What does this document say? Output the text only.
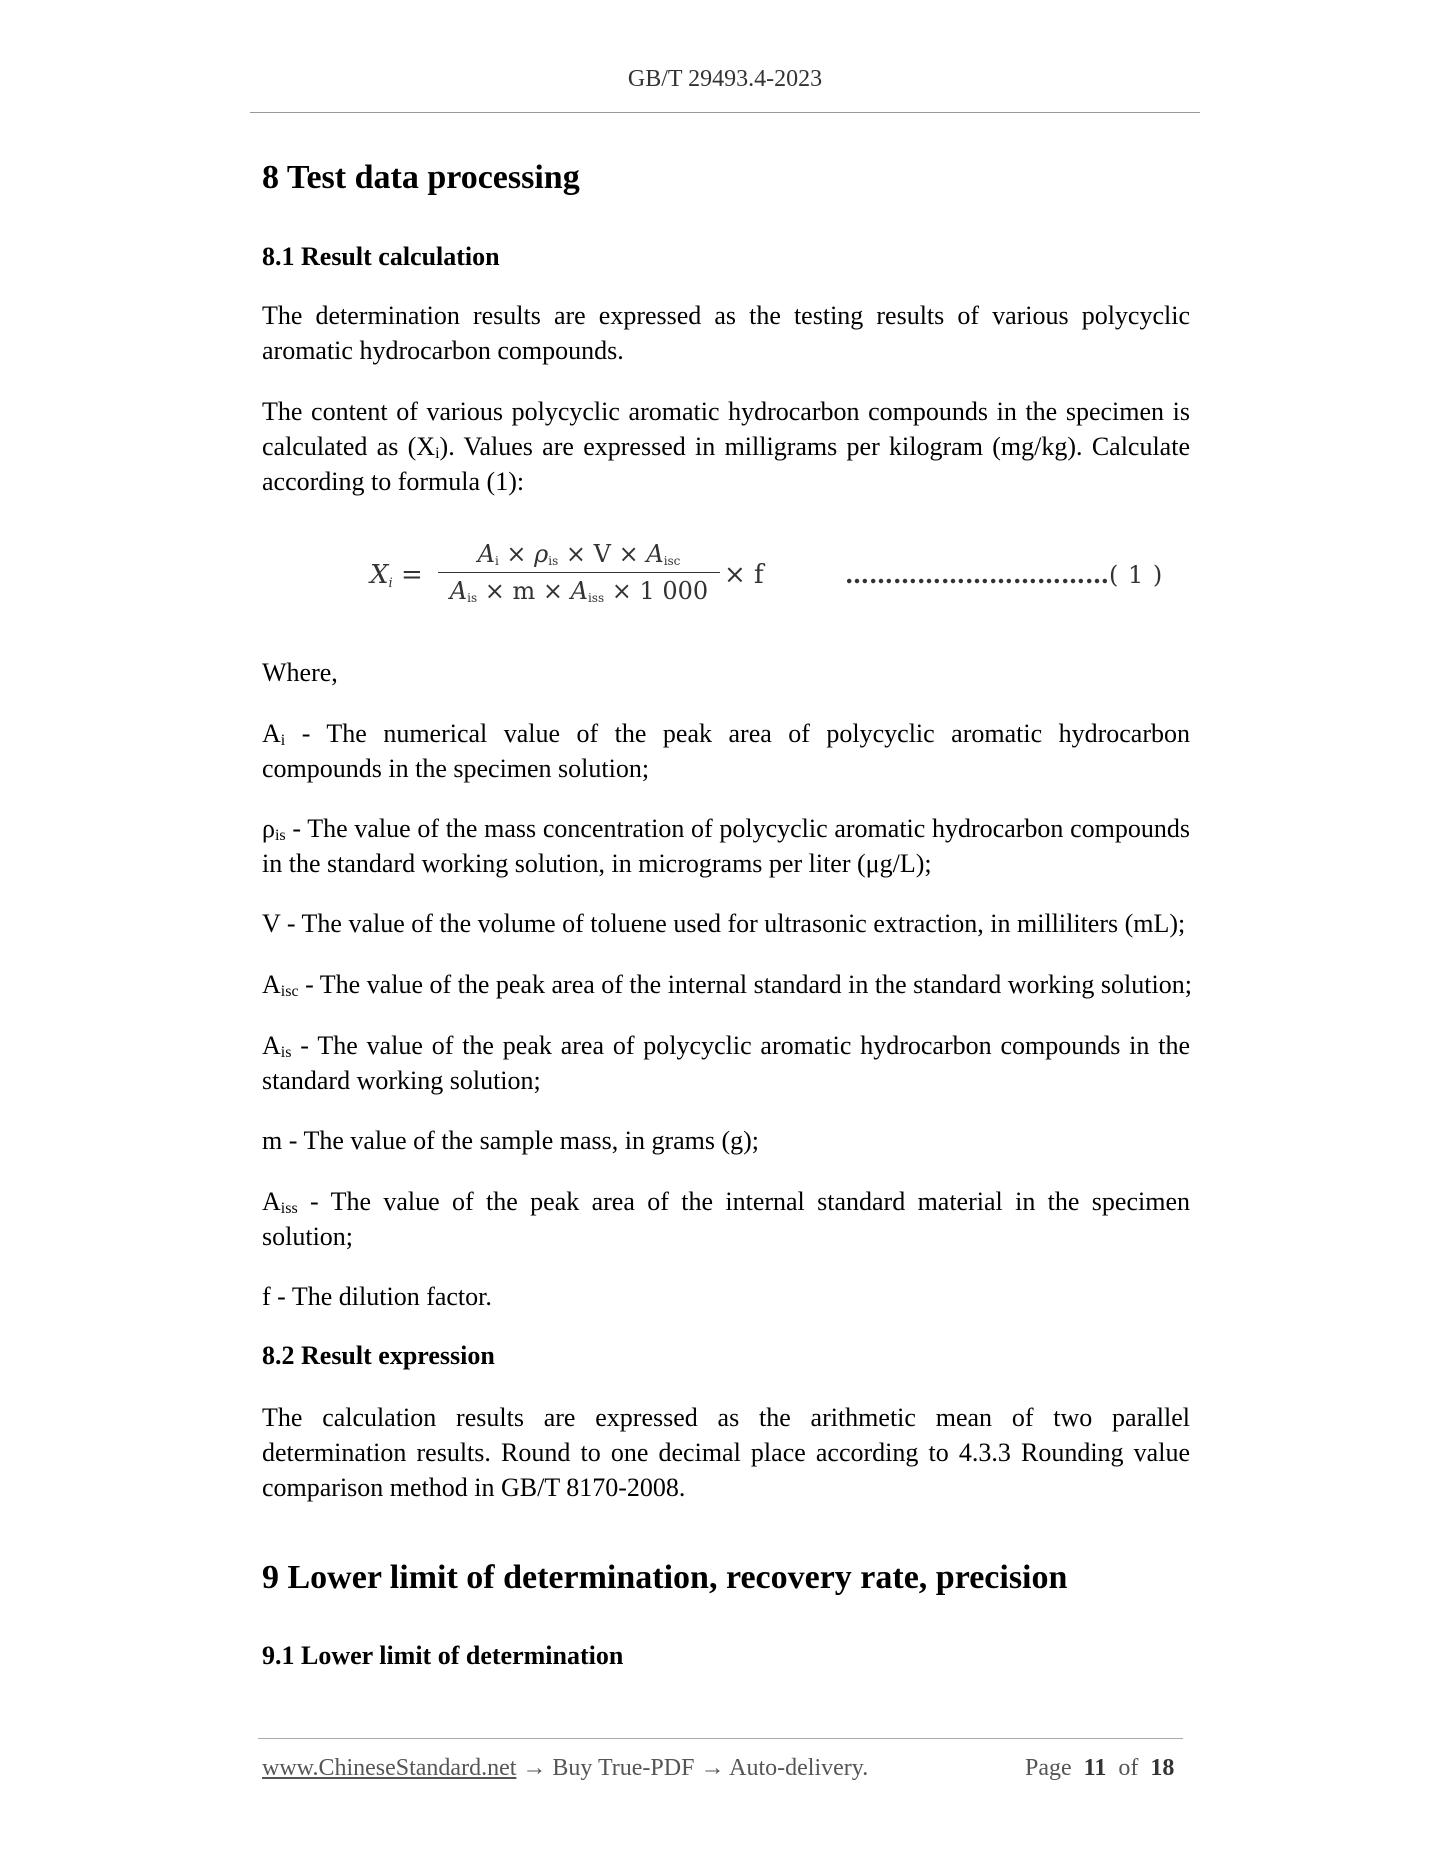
GB/T 29493.4-2023
8 Test data processing
8.1 Result calculation

The determination results are expressed as the testing results of various polycyclic aromatic hydrocarbon compounds.

The content of various polycyclic aromatic hydrocarbon compounds in the specimen is calculated as $(X_i)$. Values are expressed in milligrams per kilogram (mg/kg). Calculate according to formula (1):

Where,

$A_i$ - The numerical value of the peak area of polycyclic aromatic hydrocarbon compounds in the specimen solution;

$\rho_{is}$ - The value of the mass concentration of polycyclic aromatic hydrocarbon compounds in the standard working solution, in micrograms per liter (μg/L);

V - The value of the volume of toluene used for ultrasonic extraction, in milliliters (mL);

$A_{isc}$ - The value of the peak area of the internal standard in the standard working solution;

$A_{is}$ - The value of the peak area of polycyclic aromatic hydrocarbon compounds in the standard working solution;

m - The value of the sample mass, in grams (g);

$A_{iss}$ - The value of the peak area of the internal standard material in the specimen solution;

f - The dilution factor.

8.2 Result expression

The calculation results are expressed as the arithmetic mean of two parallel determination results. Round to one decimal place according to 4.3.3 Rounding value comparison method in GB/T 8170-2008.

9 Lower limit of determination, recovery rate, precision
9.1 Lower limit of determination
$X_i$ =
$A_i \times \rho_{is} \times V \times A_{isc}$
$A_{is} \times m \times A_{iss} \times 1$ 000
× f	……………………………( 1 )
www.ChineseStandard.net → Buy True-PDF → Auto-delivery.	Page 11 of 18
